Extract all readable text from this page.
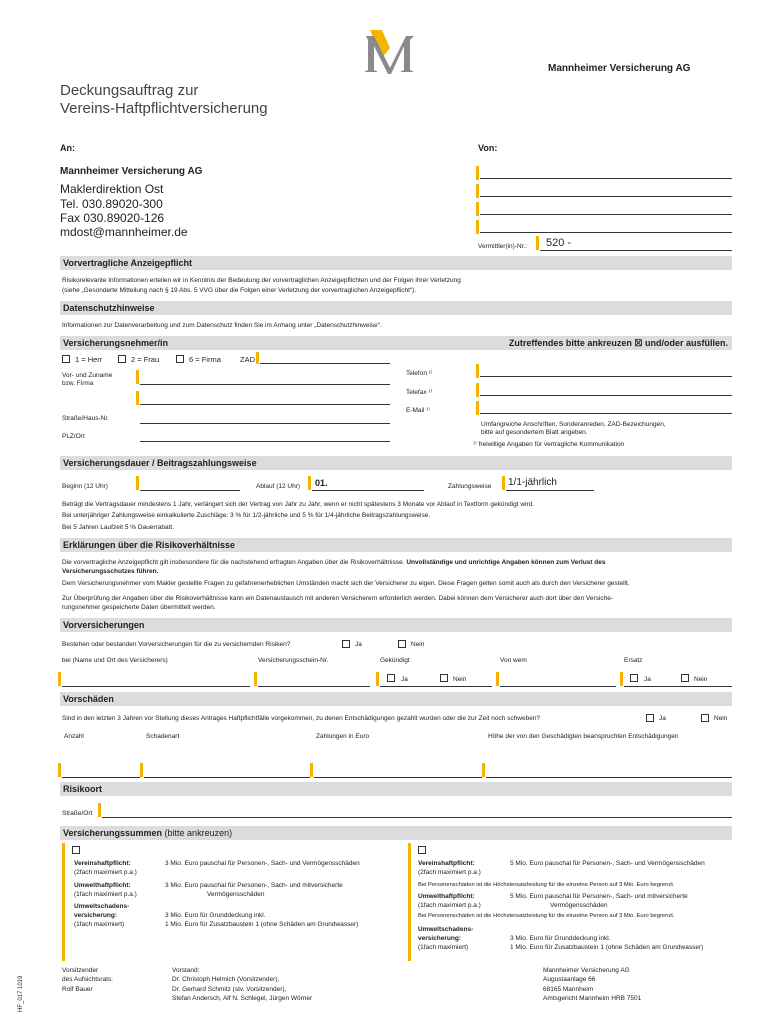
Mannheimer Versicherung AG
Deckungsauftrag zur
Vereins-Haftpflichtversicherung
An:	Von:
Mannheimer Versicherung AG
Maklerdirektion Ost
Tel. 030.89020-300
Fax 030.89020-126
mdost@mannheimer.de
Vermittler(in)-Nr.: 520 -
Vorvertragliche Anzeigepflicht
Risikorelevante Informationen erteilen wir in Kenntnis der Bedeutung der vorvertraglichen Anzeigepflichten und der Folgen ihrer Verletzung
(siehe „Gesonderte Mitteilung nach § 19 Abs. 5 VVG über die Folgen einer Verletzung der vorvertraglichen Anzeigepflicht“).
Datenschutzhinweise
Informationen zur Datenverarbeitung und zum Datenschutz finden Sie im Anhang unter „Datenschutzhinweise“.
Versicherungsnehmer/in	Zutreffendes bitte ankreuzen ☒ und/oder ausfüllen.
1 = Herr	2 = Frau	6 = Firma	ZAD
Vor- und Zuname
bzw. Firma
Telefon ¹⁾
Telefax ¹⁾
E-Mail ¹⁾
Straße/Haus-Nr.
PLZ/Ort
Umfangreiche Anschriften, Sonderanreden, ZAD-Bezeichungen,
bitte auf gesondertem Blatt angeben.
¹⁾ freiwillige Angaben für vertragliche Kommunikation
Versicherungsdauer / Beitragszahlungsweise
Beginn (12 Uhr)	Ablauf (12 Uhr) 01.	Zahlungsweise 1/1-jährlich
Beträgt die Vertragsdauer mindestens 1 Jahr, verlängert sich der Vertrag von Jahr zu Jahr, wenn er nicht spätestens 3 Monate vor Ablauf in Textform gekündigt wird.
Bei unterjähriger Zahlungsweise einkalkulierte Zuschläge: 3 % für 1/2-jährliche und 5 % für 1/4-jährliche Beitragszahlungsweise.
Bei 5 Jahren Laufzeit 5 % Dauerrabatt.
Erklärungen über die Risikoverhältnisse
Die vorvertragliche Anzeigepflicht gilt insbesondere für die nachstehend erfragten Angaben über die Risikoverhältnisse. Unvollständige und unrichtige Angaben können zum Verlust des
Versicherungsschutzes führen.
Dem Versicherungsnehmer vom Makler gestellte Fragen zu gefahrenerheblichen Umständen macht sich der Versicherer zu eigen. Diese Fragen gelten somit auch als durch den Versicherer gestellt.
Zur Überprüfung der Angaben über die Risikoverhältnisse kann ein Datenaustausch mit anderen Versicherern erforderlich werden. Dabei können dem Versicherer auch dort über den Versiche-
rungsnehmer gespeicherte Daten übermittelt werden.
Vorversicherungen
Bestehen oder bestanden Vorversicherungen für die zu versichernden Risiken?	Ja	Nein
bei (Name und Ort des Versicherers)	Versicherungsschein-Nr.	Gekündigt	Von wem	Ersatz
Ja	Nein	Ja	Nein
Vorschäden
Sind in den letzten 3 Jahren vor Stellung dieses Antrages Haftpflichtfälle vorgekommen, zu denen Entschädigungen gezahlt wurden oder die zur Zeit noch schweben?	Ja	Nein
Anzahl	Schadenart	Zahlungen in Euro	Höhe der von den Geschädigten beanspruchten Entschädigungen
Risikoort
Straße/Ort
Versicherungssummen (bitte ankreuzen)
Vereinshaftpflicht:
(2fach maximiert p.a.)
3 Mio. Euro pauschal für Personen-, Sach- und Vermögensschäden
Umwelthaftpflicht:
(1fach maximiert p.a.)
3 Mio. Euro pauschal für Personen-, Sach- und mitversicherte
Vermögensschäden
Umweltschadens-
versicherung:
(1fach maximiert)
3 Mio. Euro für Grunddeckung inkl.
1 Mio. Euro für Zusatzbaustein 1 (ohne Schäden am Grundwasser)
Vereinshaftpflicht:
(2fach maximiert p.a.)
5 Mio. Euro pauschal für Personen-, Sach- und Vermögensschäden
Bei Personenschäden ist die Höchstersatzleistung für die einzelne Person auf 3 Mio. Euro begrenzt.
Umwelthaftpflicht:
(1fach maximiert p.a.)
5 Mio. Euro pauschal für Personen-, Sach- und mitversicherte
Vermögensschäden
Bei Personenschäden ist die Höchstersatzleistung für die einzelne Person auf 3 Mio. Euro begrenzt.
Umweltschadens-
versicherung:
(1fach maximiert)
3 Mio. Euro für Grunddeckung inkl.
1 Mio. Euro für Zusatzbaustein 1 (ohne Schäden am Grundwasser)
HF_017 1019
Vorsitzender
des Aufsichtsrats:
Rolf Bauer
Vorstand:
Dr. Christoph Helmich (Vorsitzender),
Dr. Gerhard Schmitz (stv. Vorsitzender),
Stefan Andersch, Alf N. Schlegel, Jürgen Wörner
Mannheimer Versicherung AG
Augustaanlage 66
68165 Mannheim
Amtsgericht Mannheim HRB 7501
